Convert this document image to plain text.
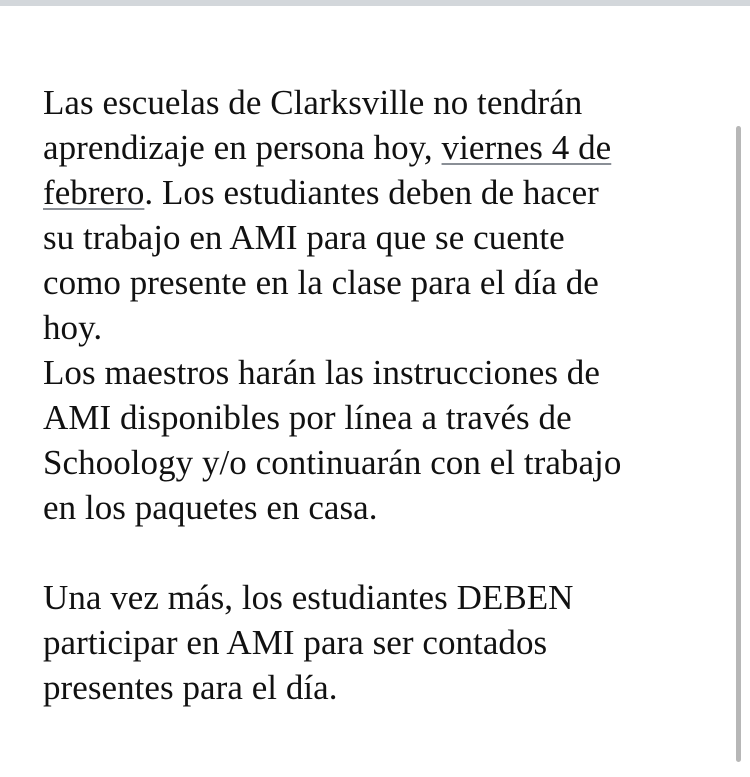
Las escuelas de Clarksville no tendrán
aprendizaje en persona hoy, viernes 4 de
febrero. Los estudiantes deben de hacer
su trabajo en AMI para que se cuente
como presente en la clase para el día de
hoy.
Los maestros harán las instrucciones de
AMI disponibles por línea a través de
Schoology y/o continuarán con el trabajo
en los paquetes en casa.
Una vez más, los estudiantes DEBEN
participar en AMI para ser contados
presentes para el día.
